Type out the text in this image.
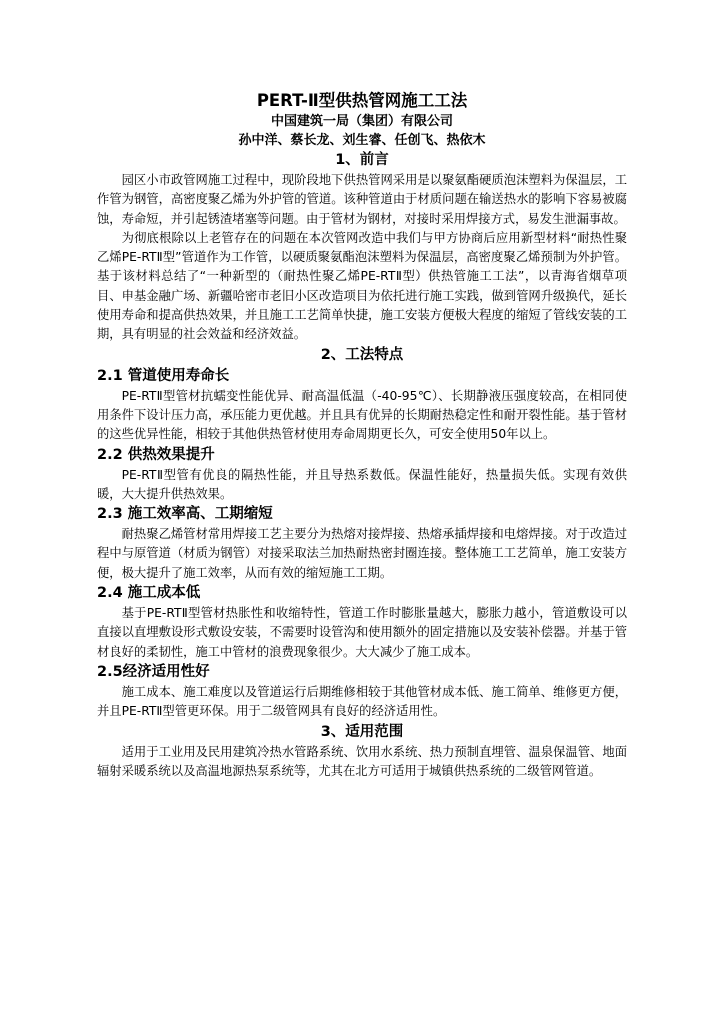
PERT-Ⅱ型供热管网施工工法

中国建筑一局（集团）有限公司

孙中洋、蔡长龙、刘生睿、任创飞、热依木

1、前言

园区小市政管网施工过程中，现阶段地下供热管网采用是以聚氨酯硬质泡沫塑料为保温层，工作管为钢管，高密度聚乙烯为外护管的管道。该种管道由于材质问题在输送热水的影响下容易被腐蚀，寿命短，并引起锈渣堵塞等问题。由于管材为钢材，对接时采用焊接方式，易发生泄漏事故。

为彻底根除以上老管存在的问题在本次管网改造中我们与甲方协商后应用新型材料“耐热性聚乙烯PE-RTⅡ型”管道作为工作管，以硬质聚氨酯泡沫塑料为保温层，高密度聚乙烯预制为外护管。基于该材料总结了“一种新型的（耐热性聚乙烯PE-RTⅡ型）供热管施工工法”，以青海省烟草项目、申基金融广场、新疆哈密市老旧小区改造项目为依托进行施工实践，做到管网升级换代，延长使用寿命和提高供热效果，并且施工工艺简单快捷，施工安装方便极大程度的缩短了管线安装的工期，具有明显的社会效益和经济效益。

2、工法特点
2.1 管道使用寿命长

PE-RTⅡ型管材抗蠕变性能优异、耐高温低温（-40-95℃）、长期静液压强度较高，在相同使用条件下设计压力高，承压能力更优越。并且具有优异的长期耐热稳定性和耐开裂性能。基于管材的这些优异性能，相较于其他供热管材使用寿命周期更长久，可安全使用50年以上。

2.2 供热效果提升

PE-RTⅡ型管有优良的隔热性能，并且导热系数低。保温性能好，热量损失低。实现有效供暖，大大提升供热效果。

2.3 施工效率高、工期缩短

耐热聚乙烯管材常用焊接工艺主要分为热熔对接焊接、热熔承插焊接和电熔焊接。对于改造过程中与原管道（材质为钢管）对接采取法兰加热耐热密封圈连接。整体施工工艺简单，施工安装方便，极大提升了施工效率，从而有效的缩短施工工期。

2.4 施工成本低

基于PE-RTⅡ型管材热胀性和收缩特性，管道工作时膨胀量越大，膨胀力越小，管道敷设可以直接以直埋敷设形式敷设安装，不需要时设管沟和使用额外的固定措施以及安装补偿器。并基于管材良好的柔韧性，施工中管材的浪费现象很少。大大减少了施工成本。

2.5经济适用性好

施工成本、施工难度以及管道运行后期维修相较于其他管材成本低、施工简单、维修更方便，并且PE-RTⅡ型管更环保。用于二级管网具有良好的经济适用性。

3、适用范围

适用于工业用及民用建筑冷热水管路系统、饮用水系统、热力预制直埋管、温泉保温管、地面辐射采暖系统以及高温地源热泵系统等，尤其在北方可适用于城镇供热系统的二级管网管道。
